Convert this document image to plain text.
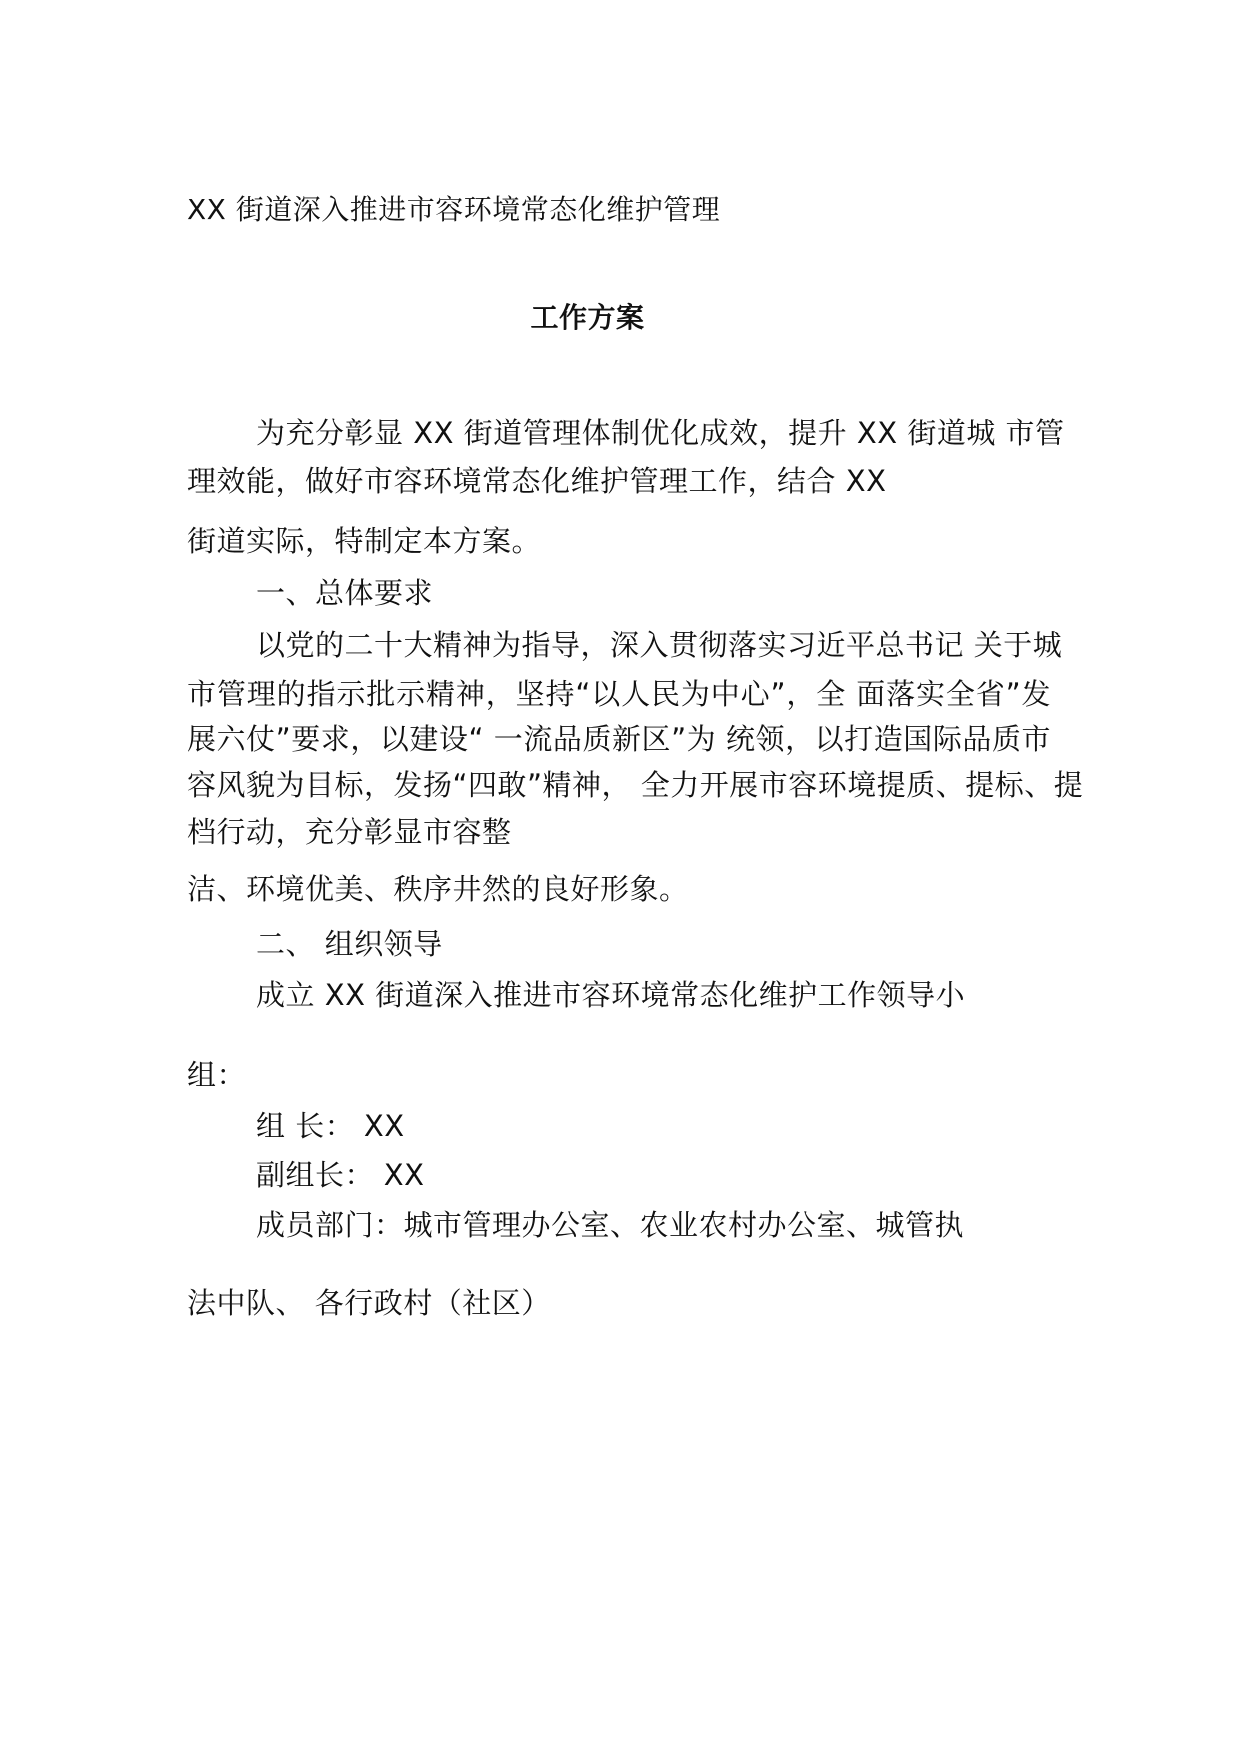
XX 街道深入推进市容环境常态化维护管理
工作方案
为充分彰显 XX 街道管理体制优化成效，提升 XX 街道城 市管
理效能，做好市容环境常态化维护管理工作，结合 XX
街道实际，特制定本方案。
一、总体要求
以党的二十大精神为指导，深入贯彻落实习近平总书记 关于城
市管理的指示批示精神，坚持“以人民为中心”，全 面落实全省”发
展六仗”要求，以建设“ 一流品质新区”为 统领，以打造国际品质市
容风貌为目标，发扬“四敢”精神， 全力开展市容环境提质、提标、提
档行动，充分彰显市容整
洁、环境优美、秩序井然的良好形象。
二、 组织领导
成立 XX 街道深入推进市容环境常态化维护工作领导小
组：
组 长： XX
副组长： XX
成员部门：城市管理办公室、农业农村办公室、城管执
法中队、 各行政村（社区）
